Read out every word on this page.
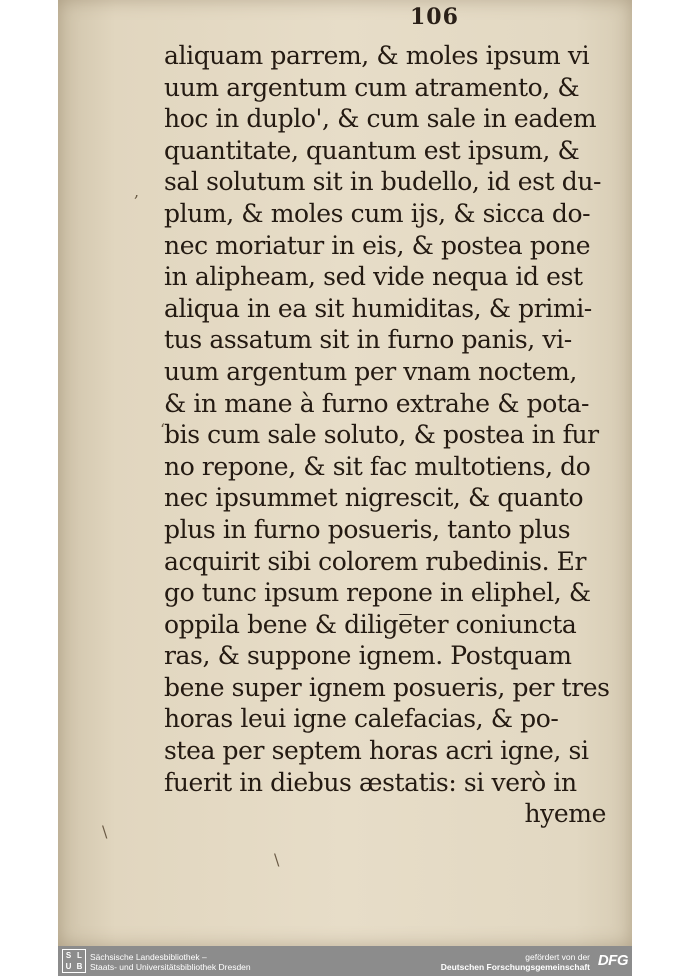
106
aliquam parrem, & moles ipsum vi
uum argentum cum atramento, &
hoc in duplo', & cum sale in eadem
quantitate, quantum est ipsum, &
sal solutum sit in budello, id est du-
plum, & moles cum ijs, & sicca do-
nec moriatur in eis, & postea pone
in alipheam, sed vide nequa id est
aliqua in ea sit humiditas, & primi-
tus assatum sit in furno panis, vi-
uum argentum per vnam noctem,
& in mane à furno extrahe & pota-
bis cum sale soluto, & postea in fur
no repone, & sit fac multotiens, do
nec ipsummet nigrescit, & quanto
plus in furno posueris, tanto plus
acquirit sibi colorem rubedinis. Er
go tunc ipsum repone in eliphel, &
oppila bene & dilige̅ter coniuncta
ras, & suppone ignem. Postquam
bene super ignem posueris, per tres
horas leui igne calefacias, & po-
stea per septem horas acri igne, si
fuerit in diebus æstatis: si verò in
hyeme
,
‘
\
\
S L
U B
Sächsische Landesbibliothek –
Staats- und Universitätsbibliothek Dresden
gefördert von der
Deutschen Forschungsgemeinschaft DFG
